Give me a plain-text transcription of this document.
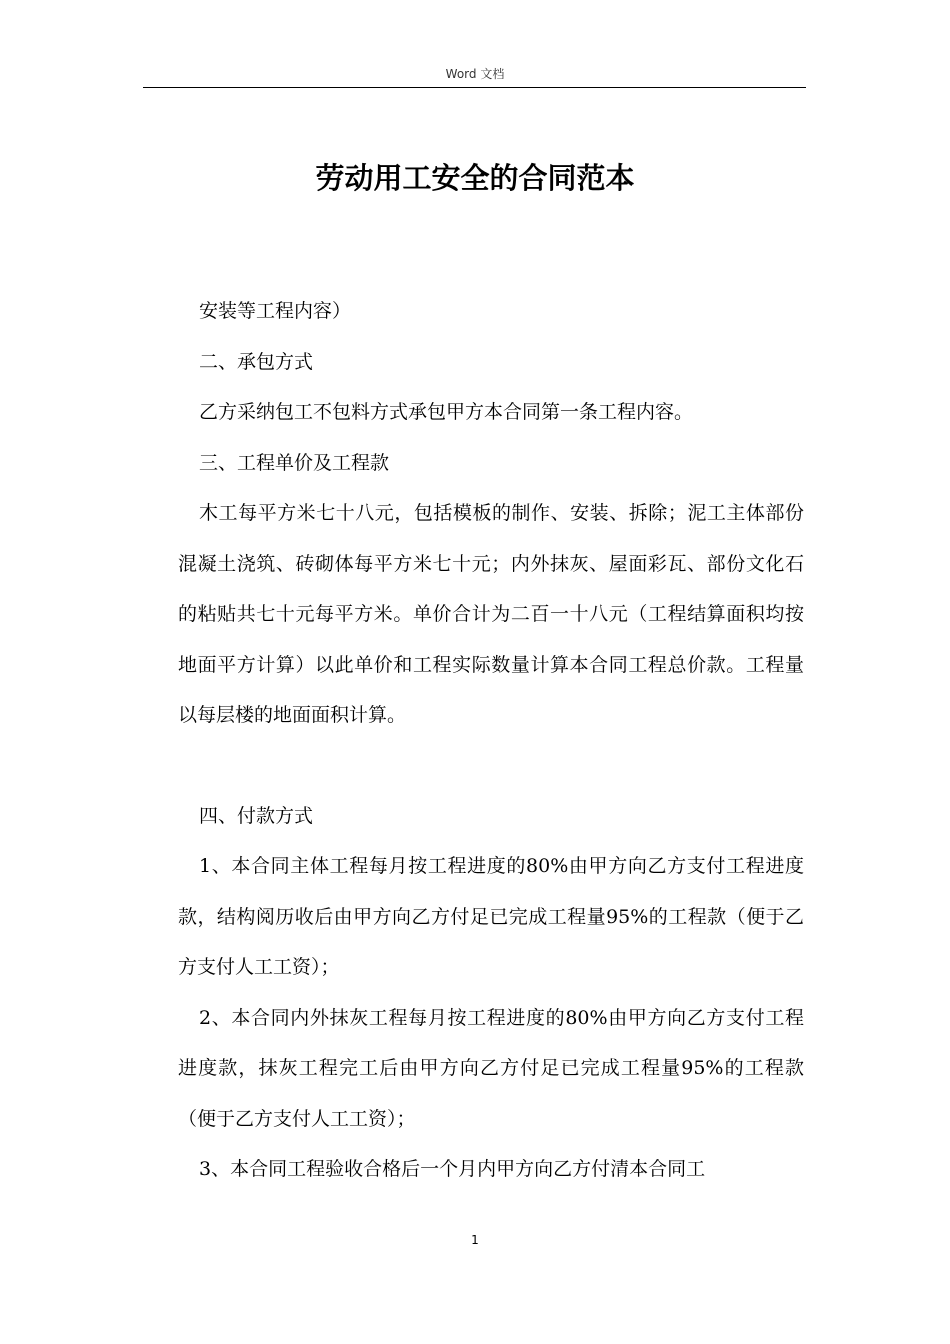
Word 文档
劳动用工安全的合同范本

安装等工程内容）

二、承包方式

乙方采纳包工不包料方式承包甲方本合同第一条工程内容。

三、工程单价及工程款

木工每平方米七十八元，包括模板的制作、安装、拆除；泥工主体部份混凝土浇筑、砖砌体每平方米七十元；内外抹灰、屋面彩瓦、部份文化石的粘贴共七十元每平方米。单价合计为二百一十八元（工程结算面积均按地面平方计算）以此单价和工程实际数量计算本合同工程总价款。工程量以每层楼的地面面积计算。

四、付款方式

1、本合同主体工程每月按工程进度的80%由甲方向乙方支付工程进度款，结构阅历收后由甲方向乙方付足已完成工程量95%的工程款（便于乙方支付人工工资）；

2、本合同内外抹灰工程每月按工程进度的80%由甲方向乙方支付工程进度款，抹灰工程完工后由甲方向乙方付足已完成工程量95%的工程款（便于乙方支付人工工资）；

3、本合同工程验收合格后一个月内甲方向乙方付清本合同工

1
